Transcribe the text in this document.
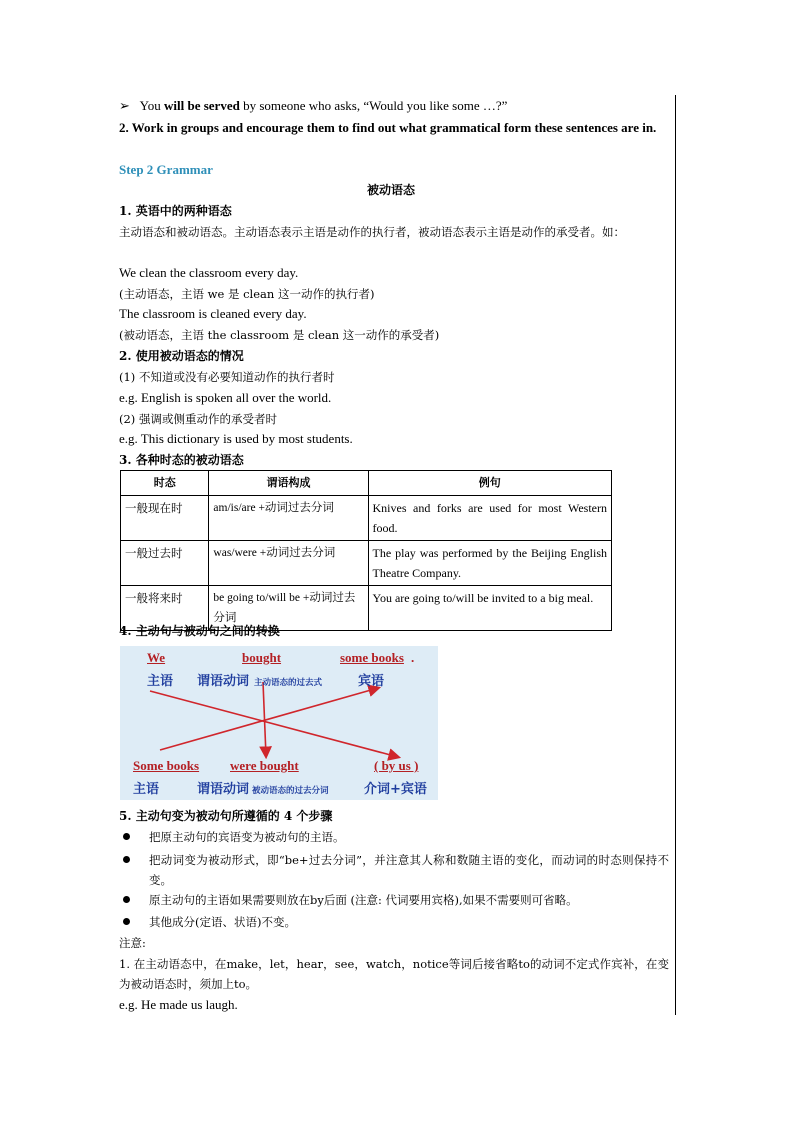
➢ You will be served by someone who asks, “Would you like some …?”
2. Work in groups and encourage them to find out what grammatical form these sentences are in.
Step 2 Grammar
被动语态
1. 英语中的两种语态
主动语态和被动语态。主动语态表示主语是动作的执行者，被动语态表示主语是动作的承受者。如：
We clean the classroom every day.
(主动语态，主语 we 是 clean 这一动作的执行者)
The classroom is cleaned every day.
(被动语态，主语 the classroom 是 clean 这一动作的承受者)
2. 使用被动语态的情况
(1) 不知道或没有必要知道动作的执行者时
e.g. English is spoken all over the world.
(2) 强调或侧重动作的承受者时
e.g. This dictionary is used by most students.
3. 各种时态的被动语态
时态	谓语构成	例句
一般现在时	am/is/are +动词过去分词	Knives and forks are used for most Western food.
一般过去时	was/were +动词过去分词	The play was performed by the Beijing English Theatre Company.
一般将来时	be going to/will be +动词过去分词	You are going to/will be invited to a big meal.
4. 主动句与被动句之间的转换
We	bought	some books .
主语 谓语动词 主动语态的过去式	宾语
Some books were bought	( by us )
主语	谓语动词 被动语态的过去分词	介词+宾语
5. 主动句变为被动句所遵循的 4 个步骤
把原主动句的宾语变为被动句的主语。
把动词变为被动形式，即“be+过去分词”，并注意其人称和数随主语的变化，而动词的时态则保持不变。
原主动句的主语如果需要则放在by后面 (注意: 代词要用宾格),如果不需要则可省略。
其他成分(定语、状语)不变。
注意:
1. 在主动语态中，在make，let，hear，see，watch，notice等词后接省略to的动词不定式作宾补，在变为被动语态时，须加上to。
e.g. He made us laugh.
